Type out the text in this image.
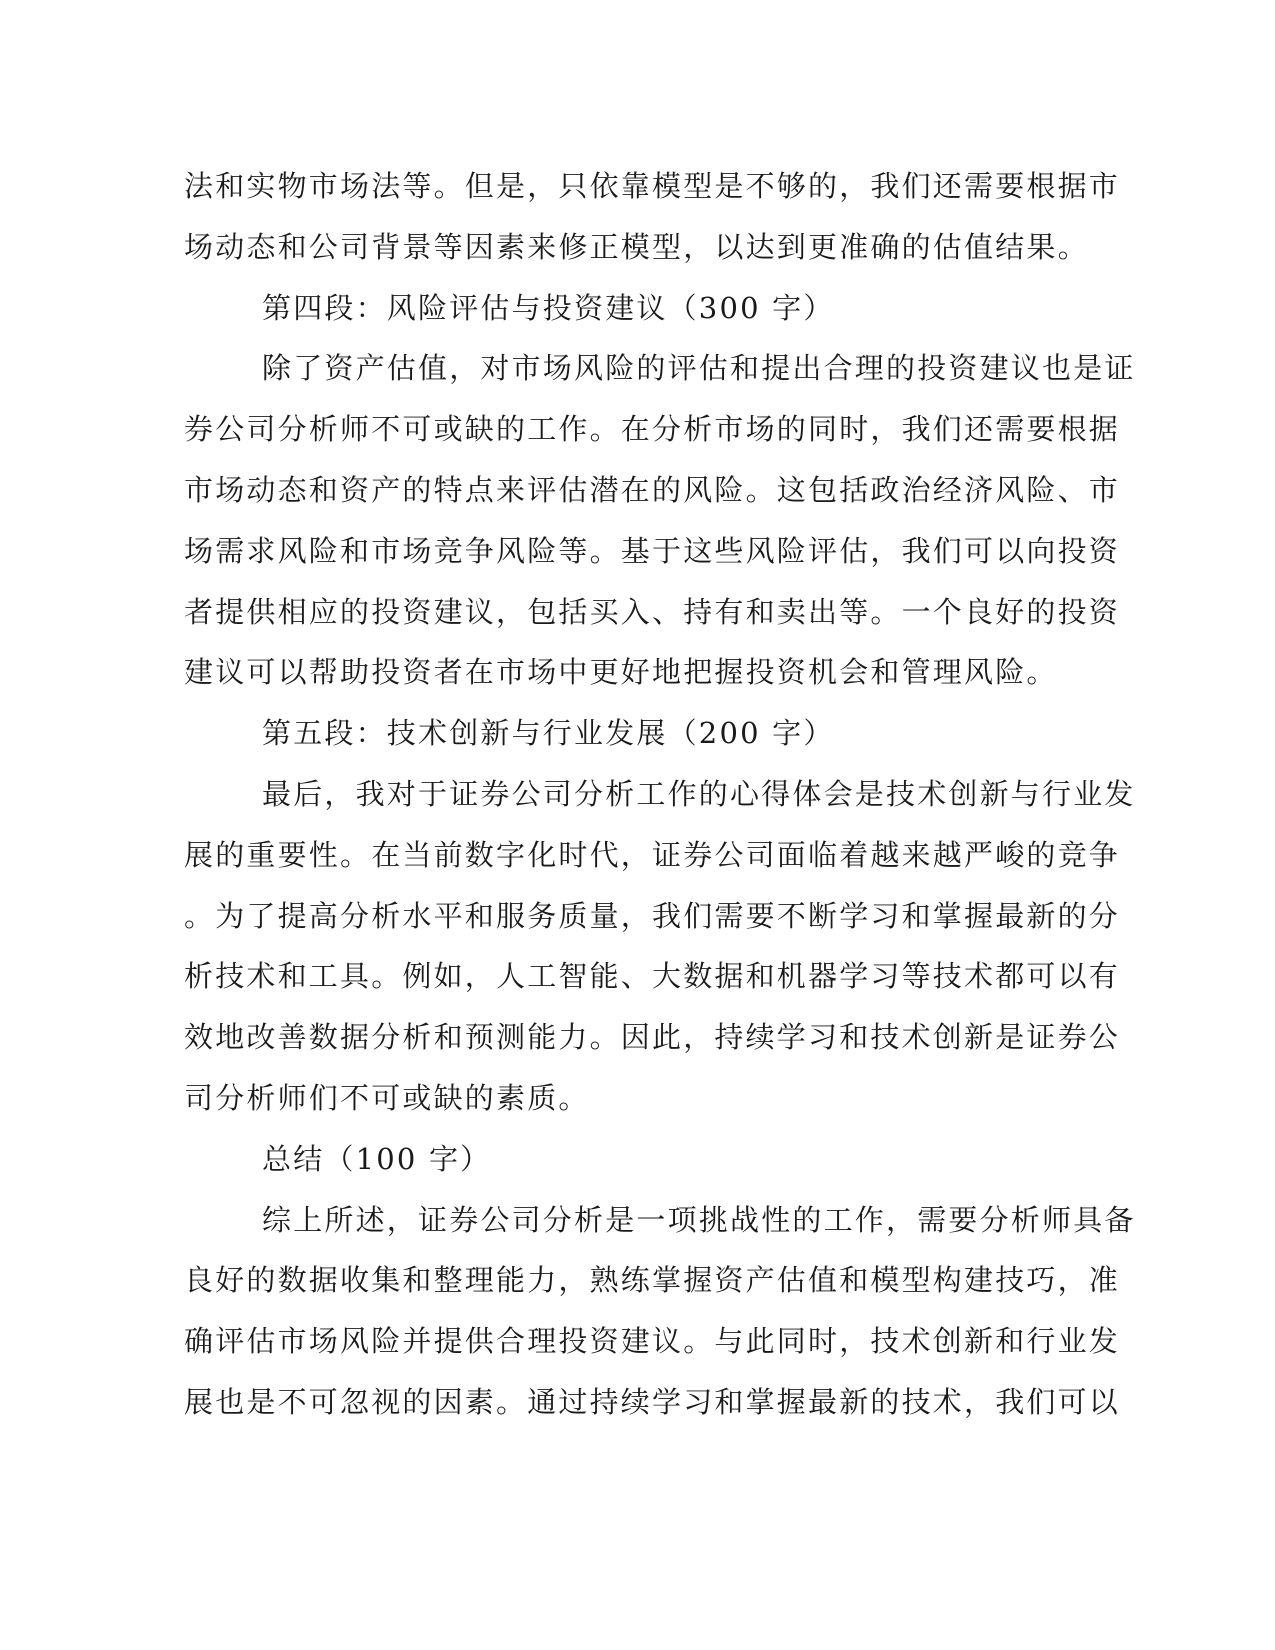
法和实物市场法等。但是，只依靠模型是不够的，我们还需要根据市
场动态和公司背景等因素来修正模型，以达到更准确的估值结果。
第四段：风险评估与投资建议（300 字）
除了资产估值，对市场风险的评估和提出合理的投资建议也是证
券公司分析师不可或缺的工作。在分析市场的同时，我们还需要根据
市场动态和资产的特点来评估潜在的风险。这包括政治经济风险、市
场需求风险和市场竞争风险等。基于这些风险评估，我们可以向投资
者提供相应的投资建议，包括买入、持有和卖出等。一个良好的投资
建议可以帮助投资者在市场中更好地把握投资机会和管理风险。
第五段：技术创新与行业发展（200 字）
最后，我对于证券公司分析工作的心得体会是技术创新与行业发
展的重要性。在当前数字化时代，证券公司面临着越来越严峻的竞争
。为了提高分析水平和服务质量，我们需要不断学习和掌握最新的分
析技术和工具。例如，人工智能、大数据和机器学习等技术都可以有
效地改善数据分析和预测能力。因此，持续学习和技术创新是证券公
司分析师们不可或缺的素质。
总结（100 字）
综上所述，证券公司分析是一项挑战性的工作，需要分析师具备
良好的数据收集和整理能力，熟练掌握资产估值和模型构建技巧，准
确评估市场风险并提供合理投资建议。与此同时，技术创新和行业发
展也是不可忽视的因素。通过持续学习和掌握最新的技术，我们可以
